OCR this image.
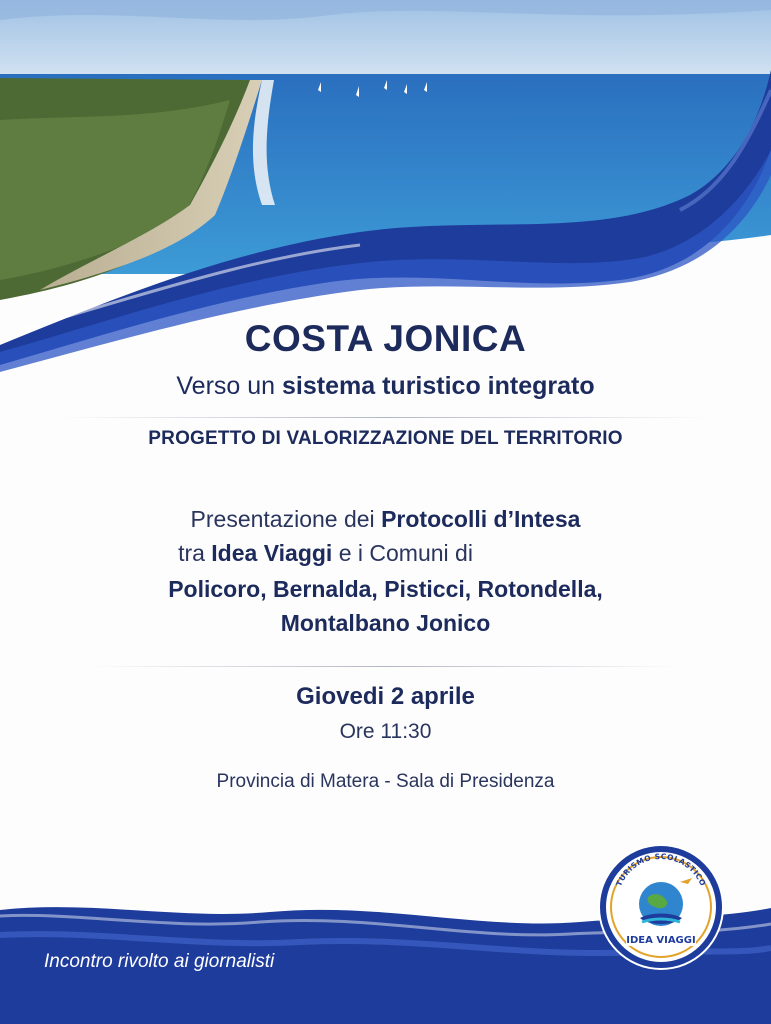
COSTA JONICA
Verso un sistema turistico integrato
PROGETTO DI VALORIZZAZIONE DEL TERRITORIO
Presentazione dei Protocolli d’Intesa
tra Idea Viaggi e i Comuni di
Policoro, Bernalda, Pisticci, Rotondella,
Montalbano Jonico
Giovedi 2 aprile
Ore 11:30
Provincia di Matera - Sala di Presidenza
Incontro rivolto ai giornalisti
TURISMO SCOLASTICO
IDEA VIAGGI
